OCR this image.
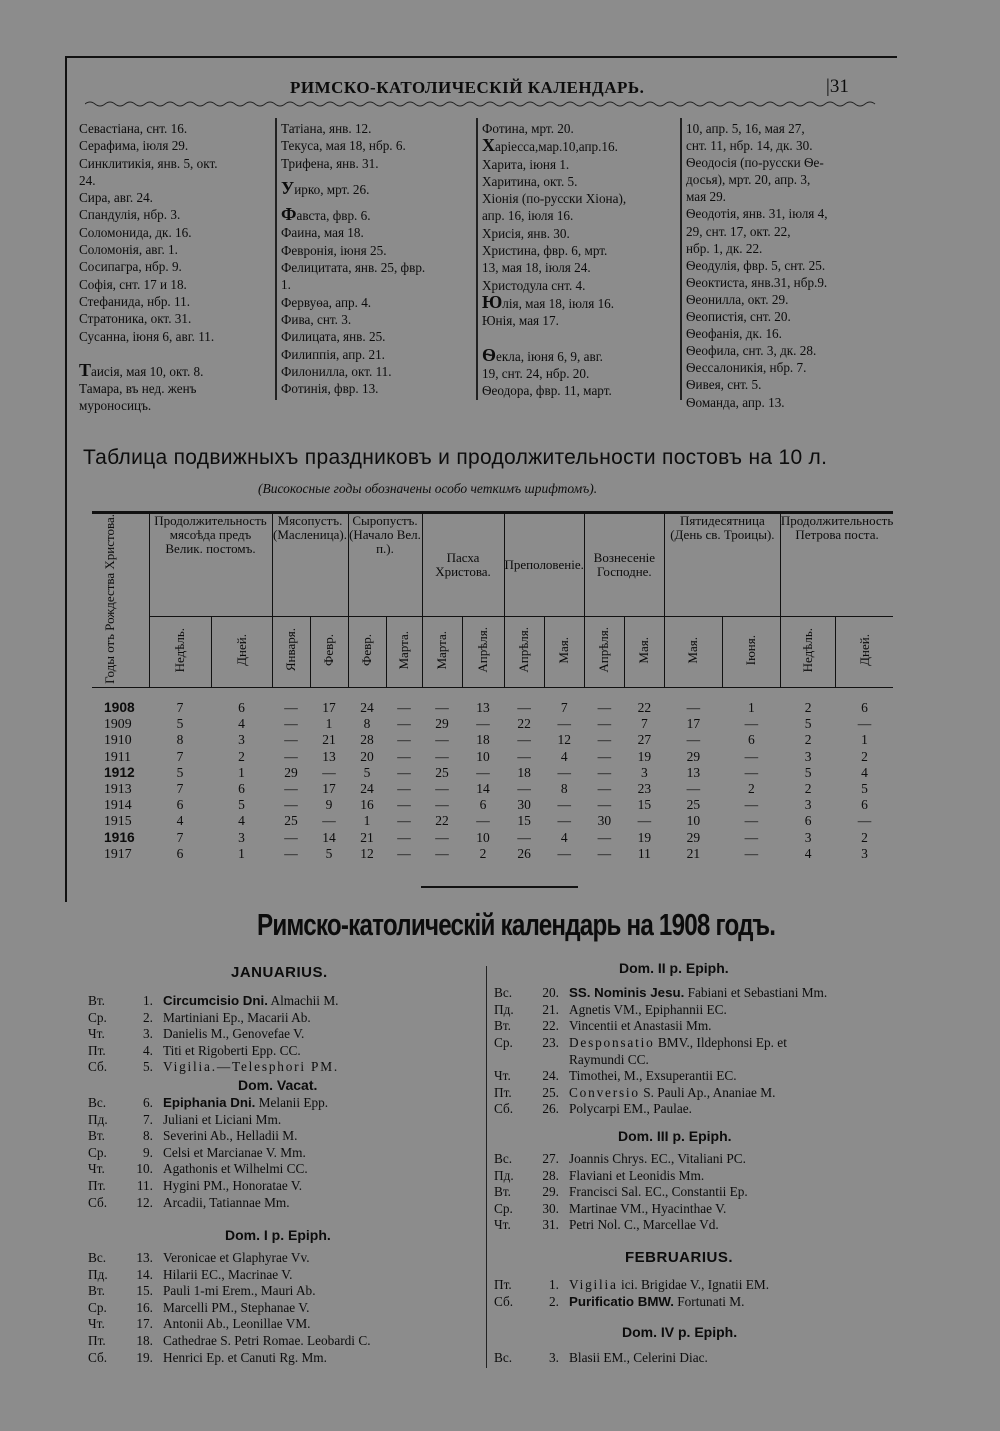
РИМСКО-КАТОЛИЧЕСКІЙ КАЛЕНДАРЬ.	|31
Севастіана, снт. 16.
Серафима, іюля 29.
Синклитикія, янв. 5, окт.
24.
Сира, авг. 24.
Спандулія, нбр. 3.
Соломонида, дк. 16.
Соломонія, авг. 1.
Сосипагра, нбр. 9.
Софія, снт. 17 и 18.
Стефанида, нбр. 11.
Стратоника, окт. 31.
Сусанна, іюня 6, авг. 11.
Таисія, мая 10, окт. 8.
Тамара, въ нед. женъ
муроносицъ.
Татіана, янв. 12.
Текуса, мая 18, нбр. 6.
Трифена, янв. 31.
Уирко, мрт. 26.
Фавста, фвр. 6.
Фаина, мая 18.
Февронія, іюня 25.
Фелицитата, янв. 25, фвр.
1.
Фервуѳа, апр. 4.
Фива, снт. 3.
Филицата, янв. 25.
Филиппія, апр. 21.
Филонилла, окт. 11.
Фотинія, фвр. 13.
Фотина, мрт. 20.
Харіесса,мар.10,апр.16.
Харита, іюня 1.
Харитина, окт. 5.
Хіонія (по-русски Хіона),
апр. 16, іюля 16.
Хрисія, янв. 30.
Христина, фвр. 6, мрт.
13, мая 18, іюля 24.
Христодула снт. 4.
Юлія, мая 18, іюля 16.
Юнія, мая 17.
Ѳекла, іюня 6, 9, авг.
19, снт. 24, нбр. 20.
Ѳеодора, фвр. 11, март.
10, апр. 5, 16, мая 27,
снт. 11, нбр. 14, дк. 30.
Ѳеодосія (по-русски Ѳе-
досья), мрт. 20, апр. 3,
мая 29.
Ѳеодотія, янв. 31, іюля 4,
29, снт. 17, окт. 22,
нбр. 1, дк. 22.
Ѳеодулія, фвр. 5, снт. 25.
Ѳеоктиста, янв.31, нбр.9.
Ѳеонилла, окт. 29.
Ѳеопистія, снт. 20.
Ѳеофанія, дк. 16.
Ѳеофила, снт. 3, дк. 28.
Ѳессалоникія, нбр. 7.
Ѳивея, снт. 5.
Ѳоманда, апр. 13.
Таблица подвижныхъ праздниковъ и продолжительности постовъ на 10 л.
(Високосные годы обозначены особо четкимъ шрифтомъ).
Годы отъ Рождества Христова.	Продолжительность мясоѣда предъ Велик. постомъ.		Мясопустъ. (Масленица).		Сыропустъ. (Начало Вел. п.).		Пасха Христова.		Преполовеніе.		Вознесеніе Господне.		Пятидесятница (День св. Троицы).		Продолжительность Петрова поста.	
	Недѣль.	Дней.	Января.	Февр.	Февр.	Марта.	Марта.	Апрѣля.	Апрѣля.	Мая.	Апрѣля.	Мая.	Мая.	Іюня.	Недѣль.	Дней.

1908	7	6	—	17	24	—	—	13	—	7	—	22	—	1	2	6
1909	5	4	—	1	8	—	29	—	22	—	—	7	17	—	5	—
1910	8	3	—	21	28	—	—	18	—	12	—	27	—	6	2	1
1911	7	2	—	13	20	—	—	10	—	4	—	19	29	—	3	2
1912	5	1	29	—	5	—	25	—	18	—	—	3	13	—	5	4
1913	7	6	—	17	24	—	—	14	—	8	—	23	—	2	2	5
1914	6	5	—	9	16	—	—	6	30	—	—	15	25	—	3	6
1915	4	4	25	—	1	—	22	—	15	—	30	—	10	—	6	—
1916	7	3	—	14	21	—	—	10	—	4	—	19	29	—	3	2
1917	6	1	—	5	12	—	—	2	26	—	—	11	21	—	4	3
Римско-католическій календарь на 1908 годъ.
JANUARIUS.
Вт.	1. Circumcisio Dni. Almachii M.
Ср.	2. Martiniani Ep., Macarii Ab.
Чт.	3. Danielis M., Genovefae V.
Пт.	4. Titi et Rigoberti Epp. CC.
Сб.	5. Vigilia.—Telesphori PM.
Dom. Vacat.
Вс.	6. Epiphania Dni. Melanii Epp.
Пд.	7. Juliani et Liciani Mm.
Вт.	8. Severini Ab., Helladii M.
Ср.	9. Celsi et Marcianae V. Mm.
Чт. 10. Agathonis et Wilhelmi CC.
Пт. 11. Hygini PM., Honoratae V.
Сб. 12. Arcadii, Tatiannae Mm.
Dom. I p. Epiph.
Вс. 13. Veronicae et Glaphyrae Vv.
Пд. 14. Hilarii EC., Macrinae V.
Вт. 15. Pauli 1-mi Erem., Mauri Ab.
Ср. 16. Marcelli PM., Stephanae V.
Чт. 17. Antonii Ab., Leonillae VM.
Пт. 18. Cathedrae S. Petri Romae. Leobardi C.
Сб. 19. Henrici Ep. et Canuti Rg. Mm.
Dom. II p. Epiph.
Вс. 20. SS. Nominis Jesu. Fabiani et Sebastiani Mm.
Пд. 21. Agnetis VM., Epiphannii EC.
Вт. 22. Vincentii et Anastasii Mm.
Ср. 23. Desponsatio BMV., Ildephonsi Ep. et
Raymundi CC.
Чт. 24. Timothei, M., Exsuperantii EC.
Пт. 25. Conversio S. Pauli Ap., Ananiae M.
Сб. 26. Polycarpi EM., Paulae.
Dom. III p. Epiph.
Вс. 27. Joannis Chrys. EC., Vitaliani PC.
Пд. 28. Flaviani et Leonidis Mm.
Вт. 29. Francisci Sal. EC., Constantii Ep.
Ср. 30. Martinae VM., Hyacinthae V.
Чт. 31. Petri Nol. C., Marcellae Vd.
FEBRUARIUS.
Пт.	1. Vigilia ici. Brigidae V., Ignatii EM.
Сб.	2. Purificatio BMW. Fortunati M.
Dom. IV p. Epiph.
Вс.	3. Blasii EM., Celerini Diac.
